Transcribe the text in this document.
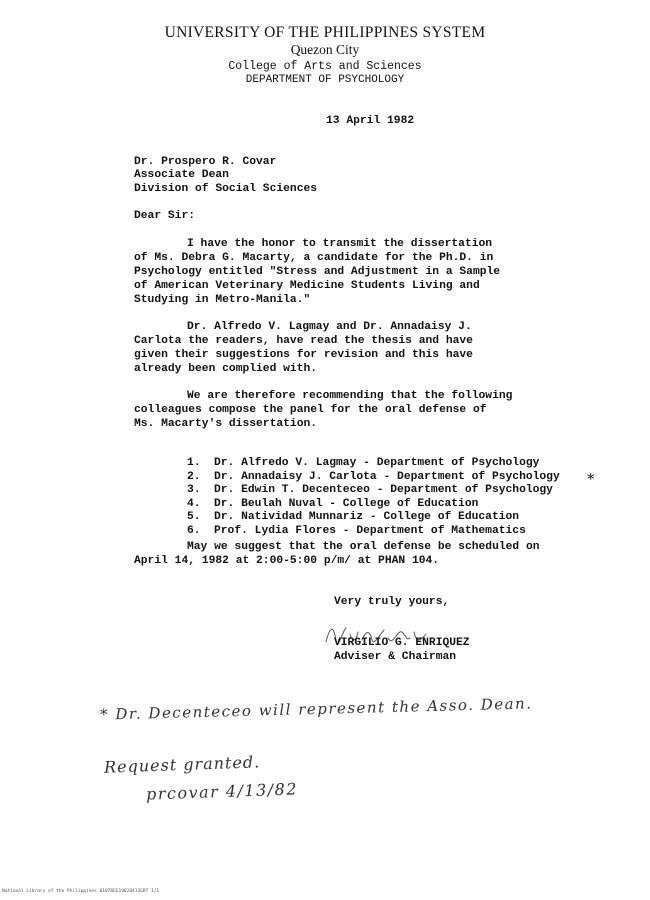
UNIVERSITY OF THE PHILIPPINES SYSTEM
Quezon City
College of Arts and Sciences
DEPARTMENT OF PSYCHOLOGY
13 April 1982
Dr. Prospero R. Covar
Associate Dean
Division of Social Sciences
Dear Sir:
I have the honor to transmit the dissertation
of Ms. Debra G. Macarty, a candidate for the Ph.D. in
Psychology entitled "Stress and Adjustment in a Sample
of American Veterinary Medicine Students Living and
Studying in Metro-Manila."
Dr. Alfredo V. Lagmay and Dr. Annadaisy J.
Carlota the readers, have read the thesis and have
given their suggestions for revision and this have
already been complied with.
We are therefore recommending that the following
colleagues compose the panel for the oral defense of
Ms. Macarty's dissertation.
1. Dr. Alfredo V. Lagmay - Department of Psychology
2. Dr. Annadaisy J. Carlota - Department of Psychology
3. Dr. Edwin T. Decenteceo - Department of Psychology
4. Dr. Beulah Nuval - College of Education
5. Dr. Natividad Munnariz - College of Education
6. Prof. Lydia Flores - Department of Mathematics
*
May we suggest that the oral defense be scheduled on
April 14, 1982 at 2:00-5:00 p/m/ at PHAN 104.
Very truly yours,
VIRGILIO G. ENRIQUEZ
Adviser & Chairman
* Dr. Decenteceo will represent the Asso. Dean.
Request granted.
prcovar 4/13/82
National Library of the Philippines 0107BEE19820413GRT 1/1
